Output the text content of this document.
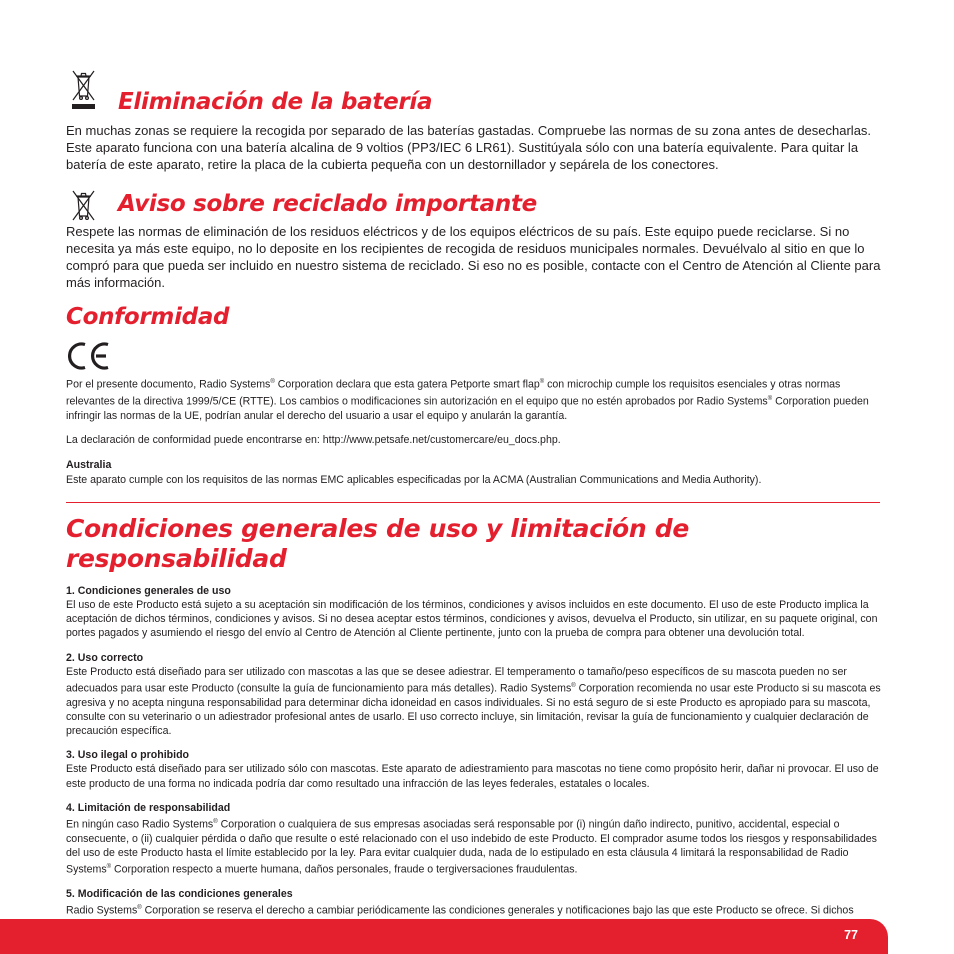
Eliminación de la batería

En muchas zonas se requiere la recogida por separado de las baterías gastadas. Compruebe las normas de su zona antes de desecharlas. Este aparato funciona con una batería alcalina de 9 voltios (PP3/IEC 6 LR61). Sustitúyala sólo con una batería equivalente. Para quitar la batería de este aparato, retire la placa de la cubierta pequeña con un destornillador y sepárela de los conectores.

Aviso sobre reciclado importante

Respete las normas de eliminación de los residuos eléctricos y de los equipos eléctricos de su país. Este equipo puede reciclarse. Si no necesita ya más este equipo, no lo deposite en los recipientes de recogida de residuos municipales normales. Devuélvalo al sitio en que lo compró para que pueda ser incluido en nuestro sistema de reciclado. Si eso no es posible, contacte con el Centro de Atención al Cliente para más información.

Conformidad

Por el presente documento, Radio Systems® Corporation declara que esta gatera Petporte smart flap® con microchip cumple los requisitos esenciales y otras normas relevantes de la directiva 1999/5/CE (RTTE). Los cambios o modificaciones sin autorización en el equipo que no estén aprobados por Radio Systems® Corporation pueden infringir las normas de la UE, podrían anular el derecho del usuario a usar el equipo y anularán la garantía.

La declaración de conformidad puede encontrarse en: http://www.petsafe.net/customercare/eu_docs.php.

Australia

Este aparato cumple con los requisitos de las normas EMC aplicables especificadas por la ACMA (Australian Communications and Media Authority).

Condiciones generales de uso y limitación de responsabilidad

1. Condiciones generales de uso

El uso de este Producto está sujeto a su aceptación sin modificación de los términos, condiciones y avisos incluidos en este documento. El uso de este Producto implica la aceptación de dichos términos, condiciones y avisos. Si no desea aceptar estos términos, condiciones y avisos, devuelva el Producto, sin utilizar, en su paquete original, con portes pagados y asumiendo el riesgo del envío al Centro de Atención al Cliente pertinente, junto con la prueba de compra para obtener una devolución total.

2. Uso correcto

Este Producto está diseñado para ser utilizado con mascotas a las que se desee adiestrar. El temperamento o tamaño/peso específicos de su mascota pueden no ser adecuados para usar este Producto (consulte la guía de funcionamiento para más detalles). Radio Systems® Corporation recomienda no usar este Producto si su mascota es agresiva y no acepta ninguna responsabilidad para determinar dicha idoneidad en casos individuales. Si no está seguro de si este Producto es apropiado para su mascota, consulte con su veterinario o un adiestrador profesional antes de usarlo. El uso correcto incluye, sin limitación, revisar la guía de funcionamiento y cualquier declaración de precaución específica.

3. Uso ilegal o prohibido

Este Producto está diseñado para ser utilizado sólo con mascotas. Este aparato de adiestramiento para mascotas no tiene como propósito herir, dañar ni provocar. El uso de este producto de una forma no indicada podría dar como resultado una infracción de las leyes federales, estatales o locales.

4. Limitación de responsabilidad

En ningún caso Radio Systems® Corporation o cualquiera de sus empresas asociadas será responsable por (i) ningún daño indirecto, punitivo, accidental, especial o consecuente, o (ii) cualquier pérdida o daño que resulte o esté relacionado con el uso indebido de este Producto. El comprador asume todos los riesgos y responsabilidades del uso de este Producto hasta el límite establecido por la ley. Para evitar cualquier duda, nada de lo estipulado en esta cláusula 4 limitará la responsabilidad de Radio Systems® Corporation respecto a muerte humana, daños personales, fraude o tergiversaciones fraudulentas.

5. Modificación de las condiciones generales

Radio Systems® Corporation se reserva el derecho a cambiar periódicamente las condiciones generales y notificaciones bajo las que este Producto se ofrece. Si dichos

77
